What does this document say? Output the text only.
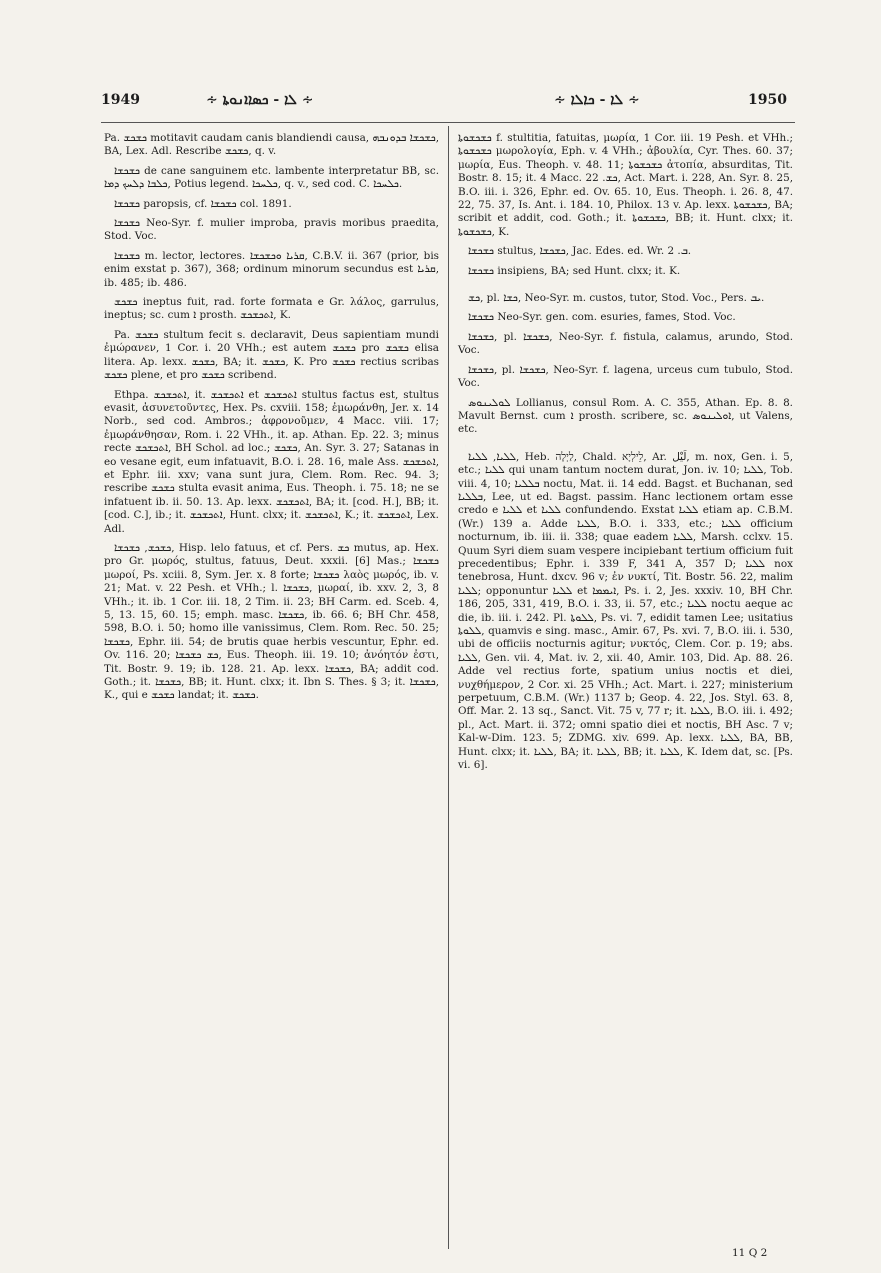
1949	∻ ܠܐ - ܟܣܐܐܢܘܬܐ ∻	∻ ܠܐ - ܟܐܠܐ ∻	1950

Pa. ܟܫܟܫ motitavit caudam canis blandiendi causa, ܟܫܟܫܐ ܒܕܘܢܒܗ, BA, Lex. Adl. Rescribe ܟܫܟܫ, q. v.

ܟܫܟܫܐ de cane sanguinem etc. lambente interpretatur BB, sc. ܟܠܒܐ ܕܠܚܟ ܕܡܐ, Potius legend. ܟܠܚܟܐ, q. v., sed cod. C. ܟܠܚܟܐ.

ܟܫܟܫܐ paropsis, cf. ܟܫܟܫܐ col. 1891.

ܟܫܟܫܐ Neo-Syr. f. mulier improba, pravis moribus praedita, Stod. Voc.

ܟܫܟܫܐ m. lector, lectores. ܩܪܝܐ ܘܟܫܟܫܐ, C.B.V. ii. 367 (prior, bis enim exstat p. 367), 368; ordinum minorum secundus est ܩܪܝܐ, ib. 485; ib. 486.

ܟܫܟܫ ineptus fuit, rad. forte formata e Gr. λάλος, garrulus, ineptus; sc. cum ܐ prosth. ܐܬܟܫܟܫ, K.

Pa. ܟܫܟܫ stultum fecit s. declaravit, Deus sapientiam mundi ἐμώρανεν, 1 Cor. i. 20 VHh.; est autem ܟܫܟܫ pro ܟܫܟܫ elisa litera. Ap. lexx. ܟܫܟܫ, BA; it. ܟܫܟܫ, K. Pro ܟܫܟܫ rectius scribas ܟܫܟܫ plene, et pro ܟܫܟܫ scribend.

Ethpa. ܐܬܟܫܟܫ, it. ܐܬܟܫܟܫ et ܐܬܟܫܟܫ stultus factus est, stultus evasit, ἀσυνετοῦντες, Hex. Ps. cxviii. 158; ἐμωράνθη, Jer. x. 14 Norb., sed cod. Ambros.; ἀφρονοῦμεν, 4 Macc. viii. 17; ἐμωράνθησαν, Rom. i. 22 VHh., it. ap. Athan. Ep. 22. 3; minus recte ܐܬܟܫܟܫ, BH Schol. ad loc.; ܟܫܟܫ, An. Syr. 3. 27; Satanas in eo vesane egit, eum infatuavit, B.O. i. 28. 16, male Ass. ܐܬܟܫܟܫ, et Ephr. iii. xxv; vana sunt jura, Clem. Rom. Rec. 94. 3; rescribe ܟܫܟܫ stulta evasit anima, Eus. Theoph. i. 75. 18; ne se infatuent ib. ii. 50. 13. Ap. lexx. ܐܬܟܫܟܫ, BA; it. [cod. H.], BB; it. [cod. C.], ib.; it. ܐܬܟܫܟܫ, Hunt. clxx; it. ܐܬܟܫܟܫ, K.; it. ܐܬܟܫܟܫ, Lex. Adl.

ܟܫܟܫ, ܟܫܟܫܐ, Hisp. lelo fatuus, et cf. Pers. ܟܫ mutus, ap. Hex. pro Gr. μωρός, stultus, fatuus, Deut. xxxii. [6] Mas.; ܟܫܟܫܐ μωροί, Ps. xciii. 8, Sym. Jer. x. 8 forte; ܟܫܟܫܐ λαὸς μωρός, ib. v. 21; Mat. v. 22 Pesh. et VHh.; l. ܟܫܟܫܐ, μωραί, ib. xxv. 2, 3, 8 VHh.; it. ib. 1 Cor. iii. 18, 2 Tim. ii. 23; BH Carm. ed. Sceb. 4, 5, 13. 15, 60. 15; emph. masc. ܟܫܟܫܐ, ib. 66. 6; BH Chr. 458, 598, B.O. i. 50; homo ille vanissimus, Clem. Rom. Rec. 50. 25; ܟܫܟܫܐ, Ephr. iii. 54; de brutis quae herbis vescuntur, Ephr. ed. Ov. 116. 20; ܟܫ ܟܫܟܫܐ, Eus. Theoph. iii. 19. 10; ἀνόητόν ἐστι, Tit. Bostr. 9. 19; ib. 128. 21. Ap. lexx. ܟܫܟܫܐ, BA; addit cod. Goth.; it. ܟܫܟܫܐ, BB; it. Hunt. clxx; it. Ibn S. Thes. § 3; it. ܟܫܟܫܐ, K., qui e ܟܫܟܫ landat; it. ܟܫܟܫ.

ܟܫܟܫܘܬܐ f. stultitia, fatuitas, μωρία, 1 Cor. iii. 19 Pesh. et VHh.; ܟܫܟܫܘܬܐ μωρολογία, Eph. v. 4 VHh.; ἀβουλία, Cyr. Thes. 60. 37; μωρία, Eus. Theoph. v. 48. 11; ܟܫܟܫܘܬܐ ἀτοπία, absurditas, Tit. Bostr. 8. 15; it. 4 Macc. ܟܫ. 22, Act. Mart. i. 228, An. Syr. 8. 25, B.O. iii. i. 326, Ephr. ed. Ov. 65. 10, Eus. Theoph. i. 26. 8, 47. 22, 75. 37, Is. Ant. i. 184. 10, Philox. 13 v. Ap. lexx. ܟܫܟܫܘܬܐ, BA; scribit et addit, cod. Goth.; it. ܟܫܟܫܘܬܐ, BB; it. Hunt. clxx; it. ܟܫܟܫܘܬܐ, K.

ܟܫܟܫܐ stultus, ܟܫܟܫܐ, Jac. Edes. ed. Wr. ܒ. 2.

ܟܫܟܫܐ insipiens, BA; sed Hunt. clxx; it. K.

ܟܫ, pl. ܟܫܐ, Neo-Syr. m. custos, tutor, Stod. Voc., Pers. ܝܒ.

ܟܫܟܫܐ Neo-Syr. gen. com. esuries, fames, Stod. Voc.

ܟܫܟܫܐ, pl. ܟܫܟܫܐ, Neo-Syr. f. fistula, calamus, arundo, Stod. Voc.

ܟܫܟܫܐ, pl. ܟܫܟܫܐ, Neo-Syr. f. lagena, urceus cum tubulo, Stod. Voc.

ܠܘܠܝܢܘܣ Lollianus, consul Rom. A. C. 355, Athan. Ep. 8. 8. Mavult Bernst. cum ܐ prosth. scribere, sc. ܐܘܠܝܢܘܣ, ut Valens, etc.

ܠܠܝܐ, ܠܠܝܐ, Heb. לַיְלָה, Chald. לֵילְיָא, Ar. لَيْل, m. nox, Gen. i. 5, etc.; ܠܠܝܐ qui unam tantum noctem durat, Jon. iv. 10; ܠܠܝܐ, Tob. viii. 4, 10; ܒܠܠܝܐ noctu, Mat. ii. 14 edd. Bagst. et Buchanan, sed ܒܠܠܝܐ, Lee, ut ed. Bagst. passim. Hanc lectionem ortam esse credo e ܠܠܝܐ et ܠܠܝܐ confundendo. Exstat ܠܠܝܐ etiam ap. C.B.M. (Wr.) 139 a. Adde ܠܠܝܐ, B.O. i. 333, etc.; ܠܠܝܐ officium nocturnum, ib. iii. ii. 338; quae eadem ܠܠܝܐ, Marsh. cclxv. 15. Quum Syri diem suam vespere incipiebant tertium officium fuit precedentibus; Ephr. i. 339 F, 341 A, 357 D; ܠܠܝܐ nox tenebrosa, Hunt. dxcv. 96 v; ἐν νυκτί, Tit. Bostr. 56. 22, malim ܠܠܝܐ; opponuntur ܠܠܝܐ et ܐܝܡܡܐ, Ps. i. 2, Jes. xxxiv. 10, BH Chr. 186, 205, 331, 419, B.O. i. 33, ii. 57, etc.; ܠܠܝܐ noctu aeque ac die, ib. iii. i. 242. Pl. ܠܠܘܬܐ, Ps. vi. 7, edidit tamen Lee; usitatius ܠܠܘܬܐ, quamvis e sing. masc., Amir. 67, Ps. xvi. 7, B.O. iii. i. 530, ubi de officiis nocturnis agitur; νυκτός, Clem. Cor. p. 19; abs. ܠܠܝܐ, Gen. vii. 4, Mat. iv. 2, xii. 40, Amir. 103, Did. Ap. 88. 26. Adde vel rectius forte, spatium unius noctis et diei, νυχθήμερον, 2 Cor. xi. 25 VHh.; Act. Mart. i. 227; ministerium perpetuum, C.B.M. (Wr.) 1137 b; Geop. 4. 22, Jos. Styl. 63. 8, Off. Mar. 2. 13 sq., Sanct. Vit. 75 v, 77 r; it. ܠܠܝܐ, B.O. iii. i. 492; pl., Act. Mart. ii. 372; omni spatio diei et noctis, BH Asc. 7 v; Kal-w-Dim. 123. 5; ZDMG. xiv. 699. Ap. lexx. ܠܠܝܐ, BA, BB, Hunt. clxx; it. ܠܠܝܐ, BA; it. ܠܠܝܐ, BB; it. ܠܠܝܐ, K. Idem dat, sc. [Ps. vi. 6].

11 Q 2
